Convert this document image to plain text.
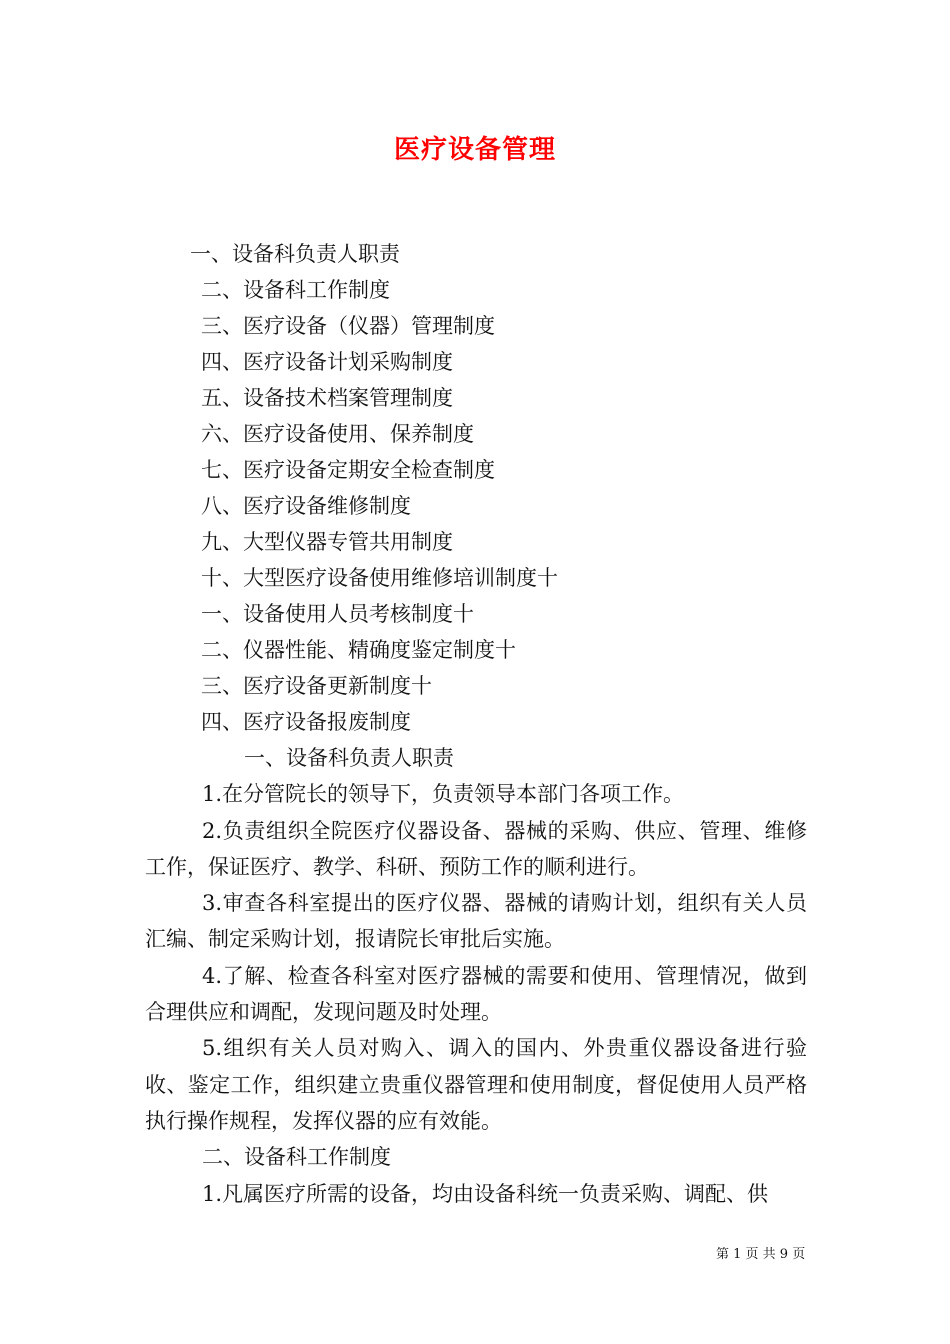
医疗设备管理
一、设备科负责人职责
二、设备科工作制度
三、医疗设备（仪器）管理制度
四、医疗设备计划采购制度
五、设备技术档案管理制度
六、医疗设备使用、保养制度
七、医疗设备定期安全检查制度
八、医疗设备维修制度
九、大型仪器专管共用制度
十、大型医疗设备使用维修培训制度十
一、设备使用人员考核制度十
二、仪器性能、精确度鉴定制度十
三、医疗设备更新制度十
四、医疗设备报废制度

一、设备科负责人职责

1.在分管院长的领导下，负责领导本部门各项工作。

2.负责组织全院医疗仪器设备、器械的采购、供应、管理、维修工作，保证医疗、教学、科研、预防工作的顺利进行。

3.审查各科室提出的医疗仪器、器械的请购计划，组织有关人员汇编、制定采购计划，报请院长审批后实施。

4.了解、检查各科室对医疗器械的需要和使用、管理情况，做到合理供应和调配，发现问题及时处理。

5.组织有关人员对购入、调入的国内、外贵重仪器设备进行验收、鉴定工作，组织建立贵重仪器管理和使用制度，督促使用人员严格执行操作规程，发挥仪器的应有效能。

二、设备科工作制度

1.凡属医疗所需的设备，均由设备科统一负责采购、调配、供

第 1 页 共 9 页
